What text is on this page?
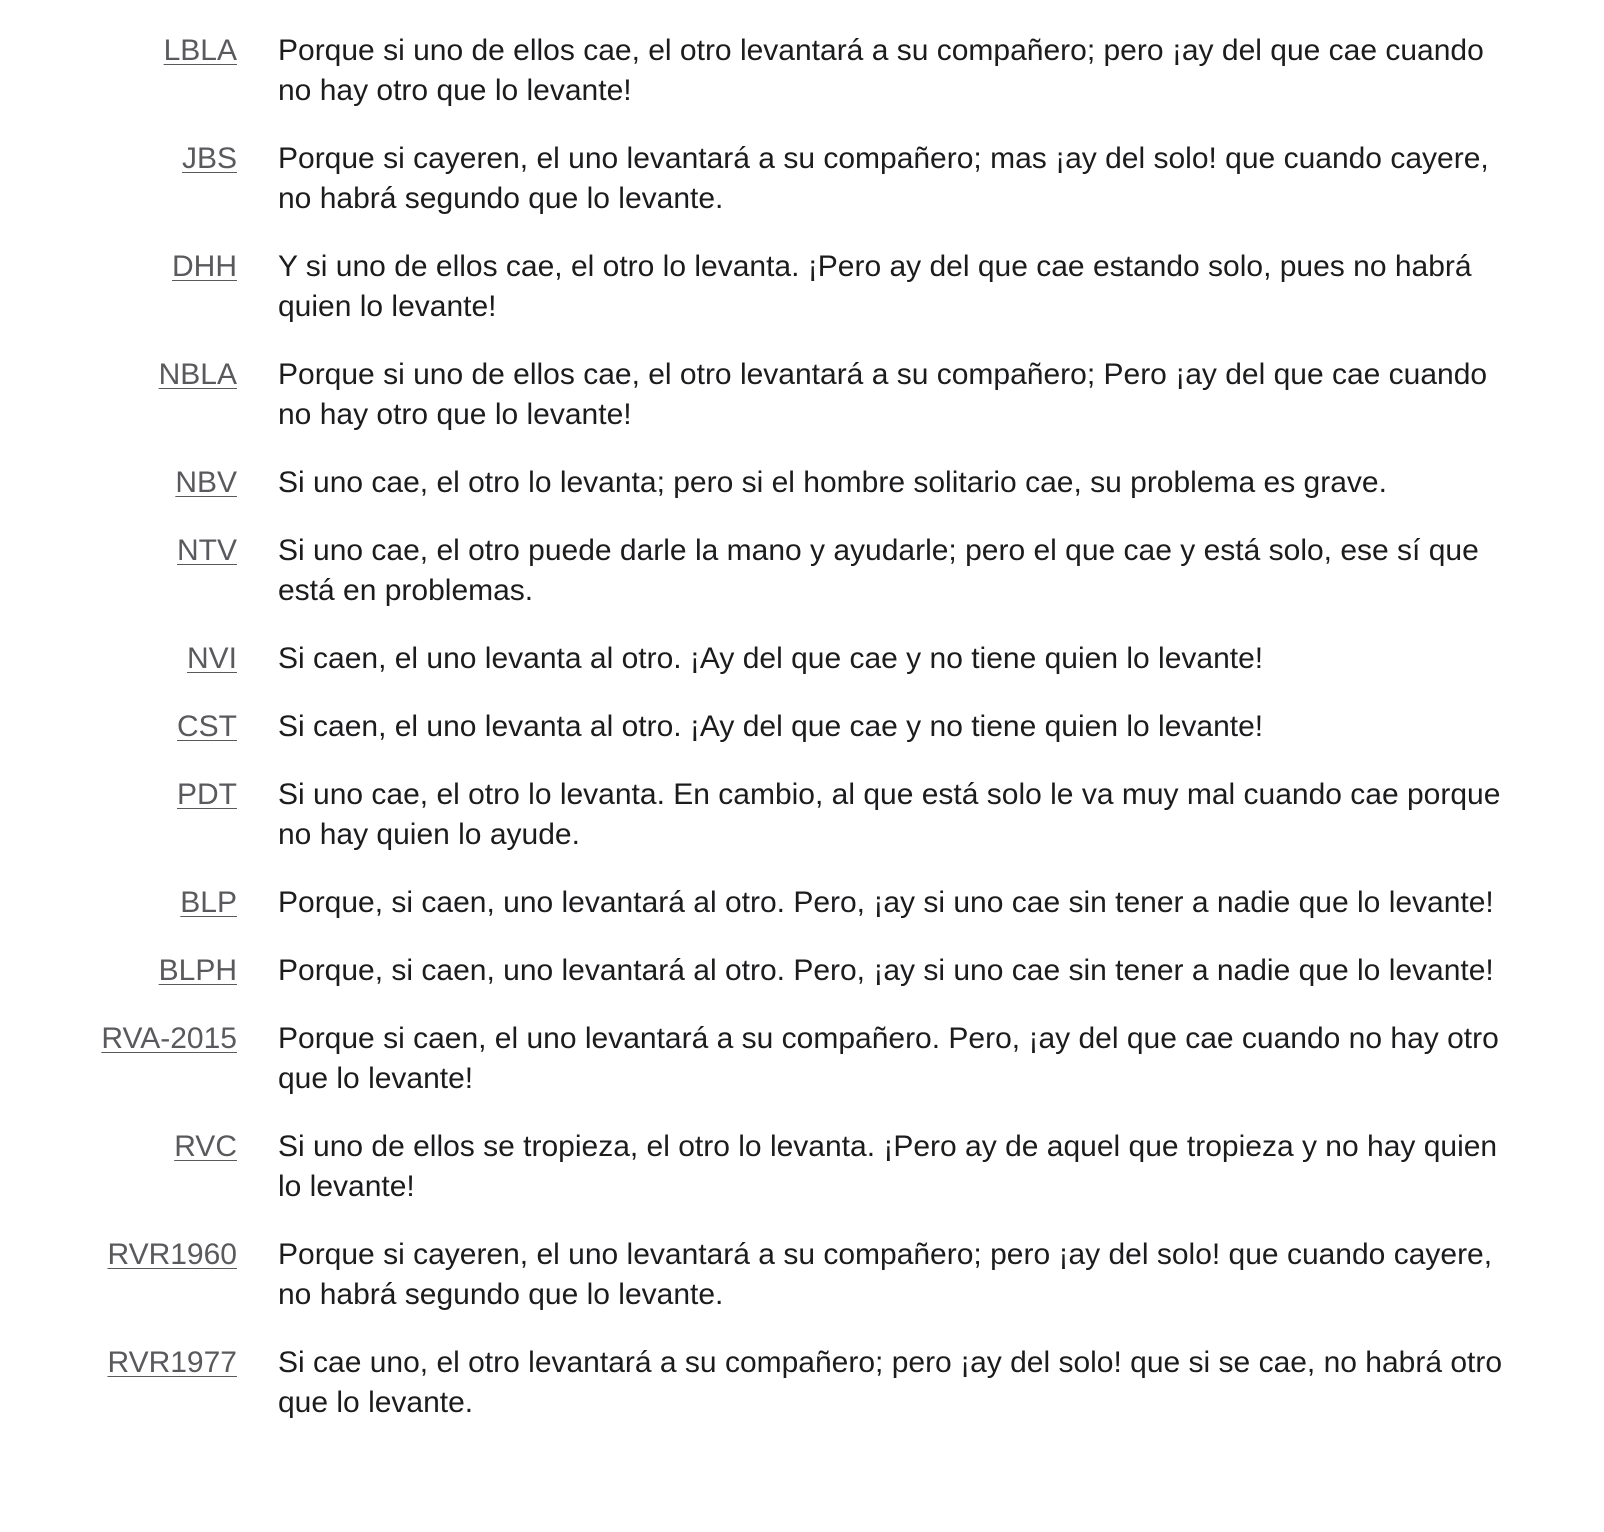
LBLA Porque si uno de ellos cae, el otro levantará a su compañero; pero ¡ay del que cae cuando no hay otro que lo levante!
JBS Porque si cayeren, el uno levantará a su compañero; mas ¡ay del solo! que cuando cayere, no habrá segundo que lo levante.
DHH Y si uno de ellos cae, el otro lo levanta. ¡Pero ay del que cae estando solo, pues no habrá quien lo levante!
NBLA Porque si uno de ellos cae, el otro levantará a su compañero; Pero ¡ay del que cae cuando no hay otro que lo levante!
NBV Si uno cae, el otro lo levanta; pero si el hombre solitario cae, su problema es grave.
NTV Si uno cae, el otro puede darle la mano y ayudarle; pero el que cae y está solo, ese sí que está en problemas.
NVI Si caen, el uno levanta al otro. ¡Ay del que cae y no tiene quien lo levante!
CST Si caen, el uno levanta al otro. ¡Ay del que cae y no tiene quien lo levante!
PDT Si uno cae, el otro lo levanta. En cambio, al que está solo le va muy mal cuando cae porque no hay quien lo ayude.
BLP Porque, si caen, uno levantará al otro. Pero, ¡ay si uno cae sin tener a nadie que lo levante!
BLPH Porque, si caen, uno levantará al otro. Pero, ¡ay si uno cae sin tener a nadie que lo levante!
RVA-2015 Porque si caen, el uno levantará a su compañero. Pero, ¡ay del que cae cuando no hay otro que lo levante!
RVC Si uno de ellos se tropieza, el otro lo levanta. ¡Pero ay de aquel que tropieza y no hay quien lo levante!
RVR1960 Porque si cayeren, el uno levantará a su compañero; pero ¡ay del solo! que cuando cayere, no habrá segundo que lo levante.
RVR1977 Si cae uno, el otro levantará a su compañero; pero ¡ay del solo! que si se cae, no habrá otro que lo levante.
